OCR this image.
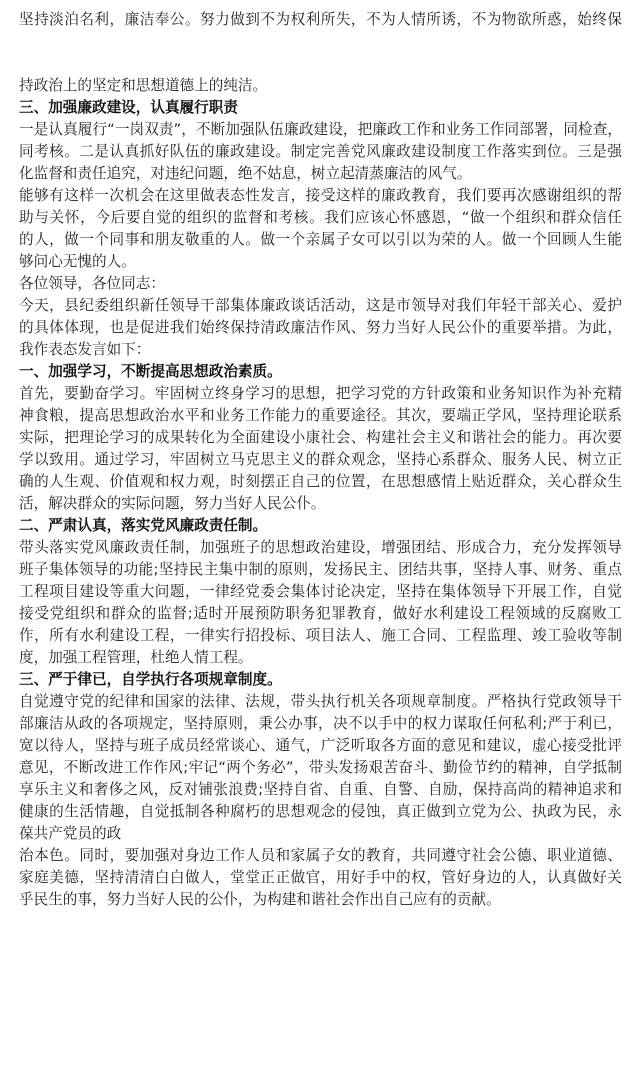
坚持淡泊名利，廉洁奉公。努力做到不为权利所失，不为人情所诱，不为物欲所惑，始终保
持政治上的坚定和思想道德上的纯洁。
三、加强廉政建设，认真履行职责
一是认真履行“一岗双责”，不断加强队伍廉政建设，把廉政工作和业务工作同部署，同检查，
同考核。二是认真抓好队伍的廉政建设。制定完善党风廉政建设制度工作落实到位。三是强
化监督和责任追究，对违纪问题，绝不姑息，树立起清蒸廉洁的风气。
能够有这样一次机会在这里做表态性发言，接受这样的廉政教育，我们要再次感谢组织的帮
助与关怀，今后要自觉的组织的监督和考核。我们应该心怀感恩，“做一个组织和群众信任
的人，做一个同事和朋友敬重的人。做一个亲属子女可以引以为荣的人。做一个回顾人生能
够问心无愧的人。
各位领导，各位同志：
今天，县纪委组织新任领导干部集体廉政谈话活动，这是市领导对我们年轻干部关心、爱护
的具体体现，也是促进我们始终保持清政廉洁作风、努力当好人民公仆的重要举措。为此，
我作表态发言如下：
一、加强学习，不断提高思想政治素质。
首先，要勤奋学习。牢固树立终身学习的思想，把学习党的方针政策和业务知识作为补充精
神食粮，提高思想政治水平和业务工作能力的重要途径。其次，要端正学风，坚持理论联系
实际，把理论学习的成果转化为全面建设小康社会、构建社会主义和谐社会的能力。再次要
学以致用。通过学习，牢固树立马克思主义的群众观念，坚持心系群众、服务人民、树立正
确的人生观、价值观和权力观，时刻摆正自己的位置，在思想感情上贴近群众，关心群众生
活，解决群众的实际问题，努力当好人民公仆。
二、严肃认真，落实党风廉政责任制。
带头落实党风廉政责任制，加强班子的思想政治建设，增强团结、形成合力，充分发挥领导
班子集体领导的功能;坚持民主集中制的原则，发扬民主、团结共事，坚持人事、财务、重点
工程项目建设等重大问题，一律经党委会集体讨论决定，坚持在集体领导下开展工作，自觉
接受党组织和群众的监督;适时开展预防职务犯罪教育，做好水利建设工程领域的反腐败工
作，所有水利建设工程，一律实行招投标、项目法人、施工合同、工程监理、竣工验收等制
度，加强工程管理，杜绝人情工程。
三、严于律已，自学执行各项规章制度。
自觉遵守党的纪律和国家的法律、法规，带头执行机关各项规章制度。严格执行党政领导干
部廉洁从政的各项规定，坚持原则，秉公办事，决不以手中的权力谋取任何私利;严于利已，
宽以待人，坚持与班子成员经常谈心、通气，广泛听取各方面的意见和建议，虚心接受批评
意见，不断改进工作作风;牢记“两个务必”，带头发扬艰苦奋斗、勤俭节约的精神，自学抵制
享乐主义和奢侈之风，反对铺张浪费;坚持自省、自重、自警、自励，保持高尚的精神追求和
健康的生活情趣，自觉抵制各种腐朽的思想观念的侵蚀，真正做到立党为公、执政为民，永
葆共产党员的政
治本色。同时，要加强对身边工作人员和家属子女的教育，共同遵守社会公德、职业道德、
家庭美德，坚持清清白白做人，堂堂正正做官，用好手中的权，管好身边的人，认真做好关
乎民生的事，努力当好人民的公仆，为构建和谐社会作出自己应有的贡献。
